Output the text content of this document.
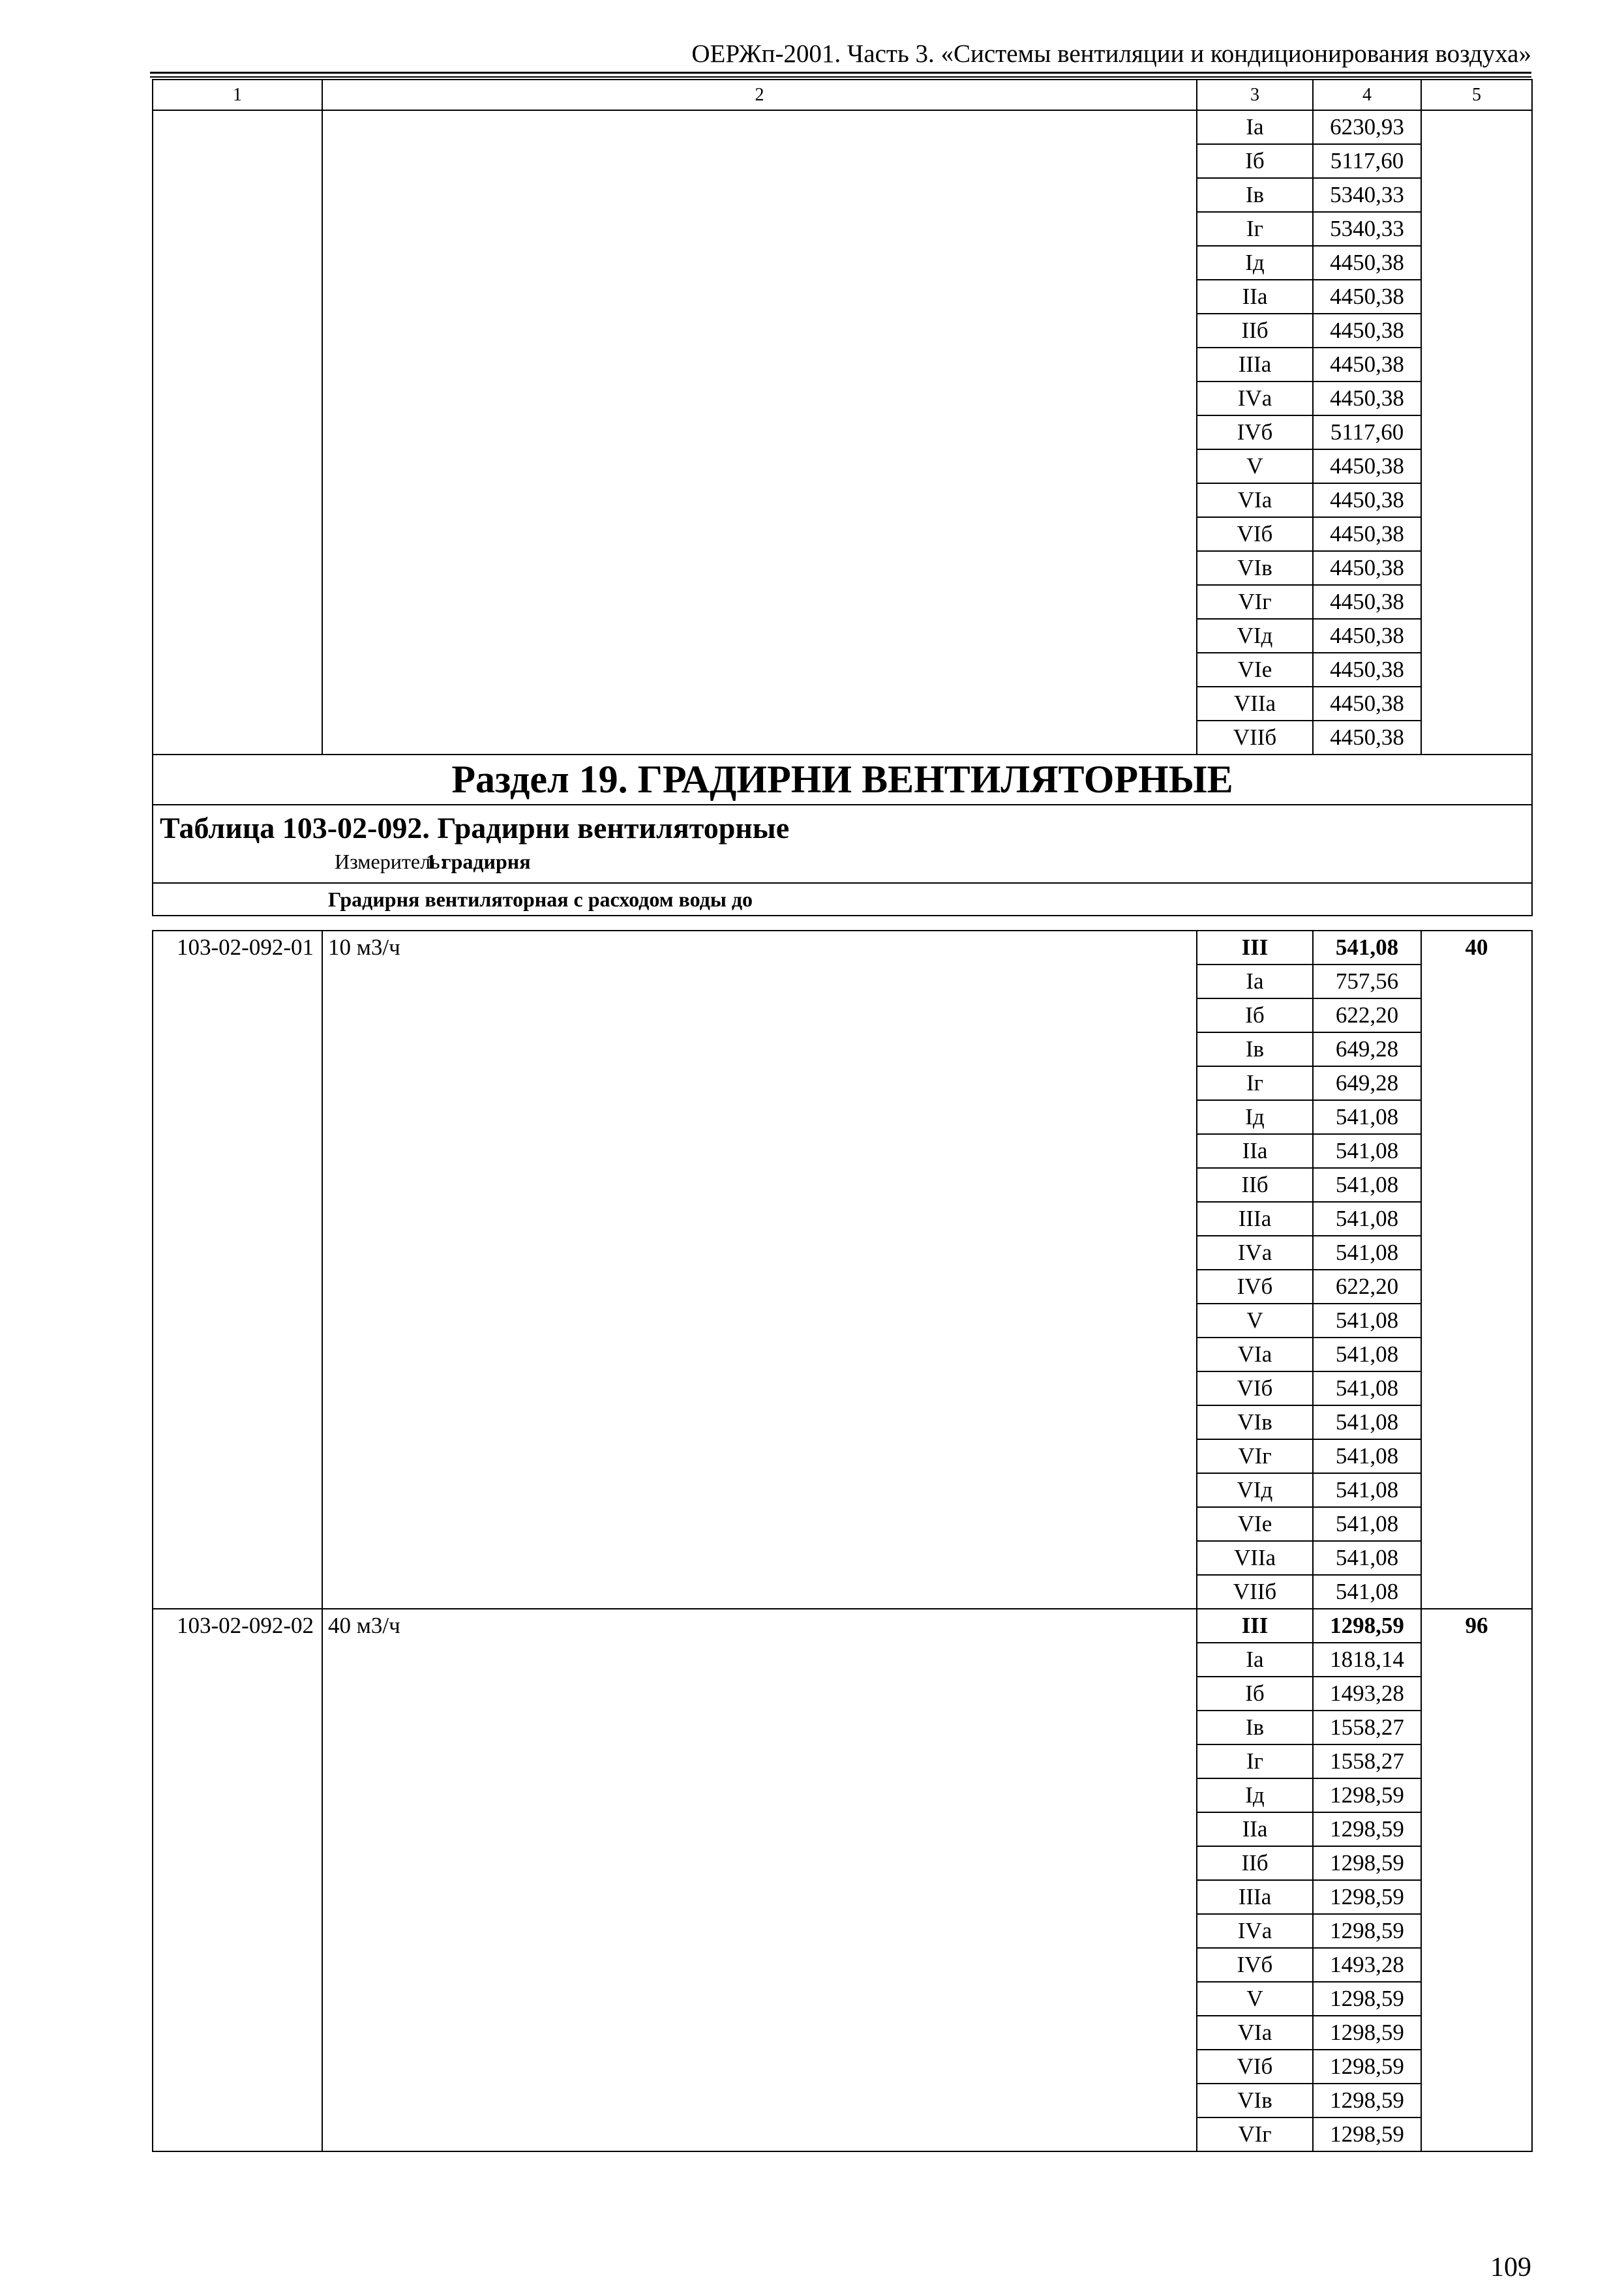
ОЕРЖп-2001. Часть 3. «Системы вентиляции и кондиционирования воздуха»
1	2	3	4	5
		Iа	6230,93	
		Iб	5117,60	
		Iв	5340,33	
		Iг	5340,33	
		Iд	4450,38	
		IIа	4450,38	
		IIб	4450,38	
		IIIа	4450,38	
		IVа	4450,38	
		IVб	5117,60	
		V	4450,38	
		VIа	4450,38	
		VIб	4450,38	
		VIв	4450,38	
		VIг	4450,38	
		VIд	4450,38	
		VIе	4450,38	
		VIIа	4450,38	
		VIIб	4450,38	
Раздел 19. ГРАДИРНИ ВЕНТИЛЯТОРНЫЕ				

Таблица 103-02-092. Градирни вентиляторные
Измеритель:1 градирня				

Градирня вентиляторная с расходом воды до				
103-02-092-01	10 м3/ч	III	541,08	40
		Iа	757,56	
		Iб	622,20	
		Iв	649,28	
		Iг	649,28	
		Iд	541,08	
		IIа	541,08	
		IIб	541,08	
		IIIа	541,08	
		IVа	541,08	
		IVб	622,20	
		V	541,08	
		VIа	541,08	
		VIб	541,08	
		VIв	541,08	
		VIг	541,08	
		VIд	541,08	
		VIе	541,08	
		VIIа	541,08	
		VIIб	541,08	
103-02-092-02	40 м3/ч	III	1298,59	96
		Iа	1818,14	
		Iб	1493,28	
		Iв	1558,27	
		Iг	1558,27	
		Iд	1298,59	
		IIа	1298,59	
		IIб	1298,59	
		IIIа	1298,59	
		IVа	1298,59	
		IVб	1493,28	
		V	1298,59	
		VIа	1298,59	
		VIб	1298,59	
		VIв	1298,59	
		VIг	1298,59	
109
